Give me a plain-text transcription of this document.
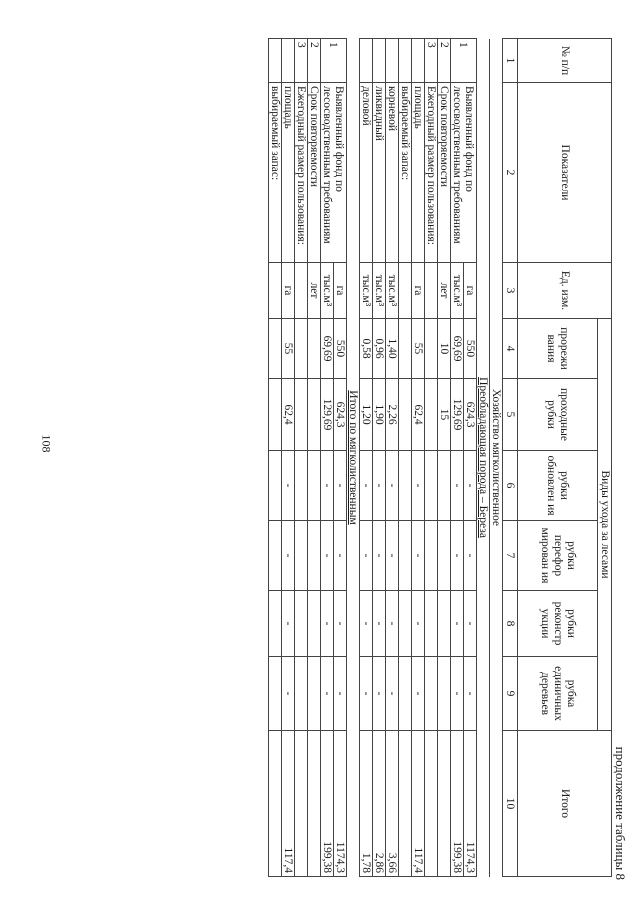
108
продолжение таблицы 8
№ п/п	Показатели	Ед. изм.	Виды ухода за лесами						Итого
			прорежи вания	проходные рубки	рубки обновлен ия	рубки перефор мирован ия	рубки реконстр укции	рубка единичных деревьев	
1	2	3	4	5	6	7	8	9	10
Хозяйство мягколиственное									
Преобладающая порода – Береза									
1	Выявленный фонд по лесосводственным требованиям	га	550	624,3	-	-	-	-	1174,3
		тыс.м³	69,69	129,69	-	-	-	-	199,38
2	Срок повторяемости	лет	10	15					
3	Ежегодный размер пользования:								
	площадь	га	55	62,4	-	-	-	-	117,4
	выбираемый запас:								
	корневой	тыс.м³	1,40	2,26	-	-	-	-	3,66
	ликвидный	тыс.м³	0,96	1,90	-	-	-	-	2,86
	деловой	тыс.м³	0,58	1,20	-	-	-	-	1,78
Итого по мягколиственным									
1	Выявленный фонд по лесосводственным требованиям	га	550	624,3	-	-	-	-	1174,3
		тыс.м³	69,69	129,69	-	-	-	-	199,38
2	Срок повторяемости	лет							
3	Ежегодный размер пользования:								
	площадь	га	55	62,4	-	-	-	-	117,4
	выбираемый запас:								
